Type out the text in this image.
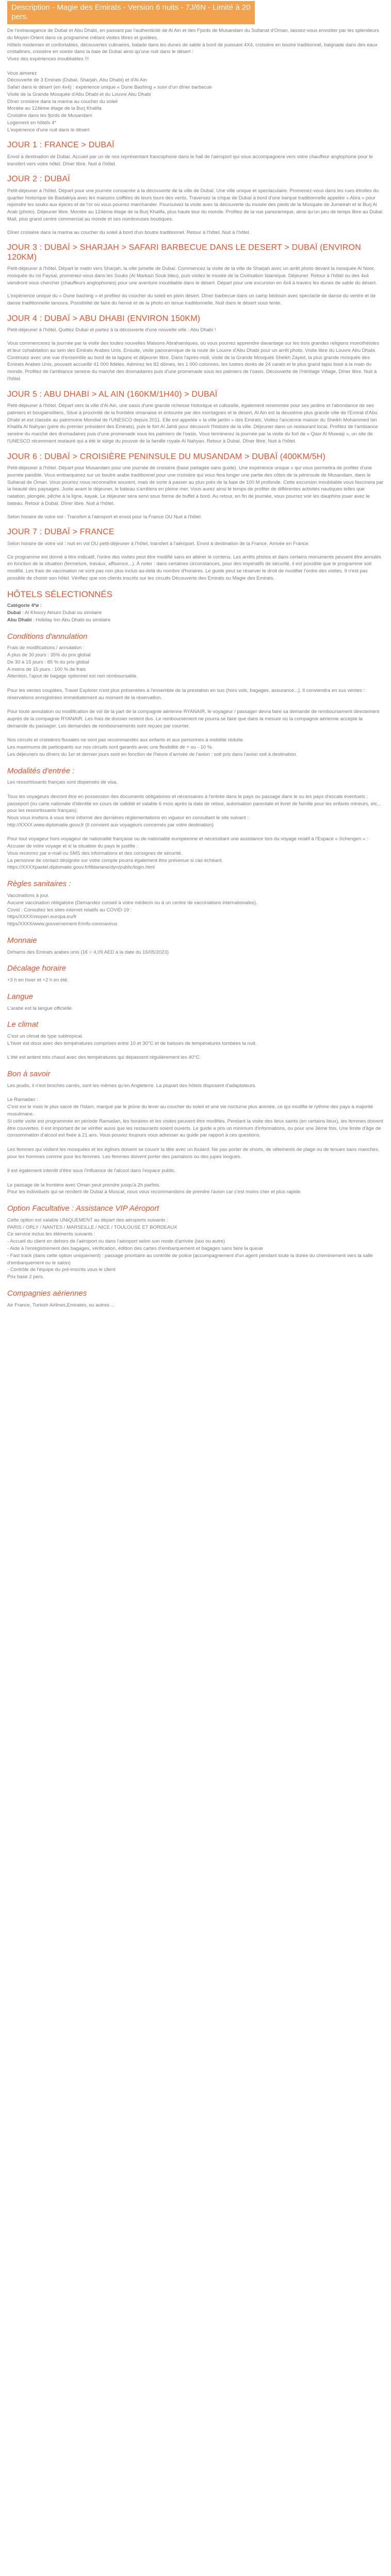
Description - Magie des Emirats - Version 6 nuits - 7J/6N - Limité à 20 pers.

De l'extravagance de Dubaï et Abu Dhabi, en passant par l'authenticité de Al Ain et des Fjords de Musandam du Sultanat d'Oman, laissez-vous envoûter par les splendeurs du Moyen-Orient dans ce programme mêlant visites libres et guidées.

Hôtels modernes et confortables, découvertes culinaires, balade dans les dunes de sable à bord de puissant 4X4, croisière en boutre traditionnel, baignade dans des eaux cristallines, croisière en soirée dans la baie de Dubaï ainsi qu'une nuit dans le désert :

Vivez des expériences inoubliables !!!

Vous aimerez

Découverte de 3 Emirats (Dubaï, Sharjah, Abu Dhabi) et d'Al Ain

Safari dans le désert (en 4x4) : expérience unique « Dune Bashing » suivi d'un dîner barbecue

Visite de la Grande Mosquée d'Abu Dhabi et du Louvre Abu Dhabi

Dîner croisière dans la marina au coucher du soleil

Montée au 124ème étage de la Burj Khalifa

Croisière dans les fjords de Musandam

Logement en hôtels 4*

L'expérience d'une nuit dans le désert

JOUR 1 : FRANCE > DUBAÏ

Envol à destination de Dubaï. Accueil par un de nos représentant francophone dans le hall de l'aéroport qui vous accompagnera vers votre chauffeur anglophone pour le transfert vers votre hôtel. Dîner libre. Nuit à l'hôtel.

JOUR 2 : DUBAÏ

Petit-déjeuner à l'hôtel. Départ pour une journée consacrée à la découverte de la ville de Dubaï. Une ville unique et spectaculaire. Promenez-vous dans les rues étroites du quartier historique de Bastakiya avec les maisons coiffées de leurs tours des vents. Traversez la crique de Dubaï à bord d'une barque traditionnelle appelée « Abra » pour rejoindre les souks aux épices et de l'or où vous pourrez marchander. Poursuivez la visite avec la découverte du musée des pieds de la Mosquée de Jumeirah et le Burj Al Arab (photo). Déjeuner libre. Montée au 124ème étage de la Burj Khalifa, plus haute tour du monde. Profitez de la vue panoramique, ainsi qu'un peu de temps libre au Dubaï Mall, plus grand centre commercial au monde et ses nombreuses boutiques.

Dîner croisière dans la marina au coucher du soleil à bord d'un boutre traditionnel. Retour à l'hôtel. Nuit à l'hôtel.

JOUR 3 : DUBAÏ > SHARJAH > SAFARI BARBECUE DANS LE DESERT > DUBAÏ (ENVIRON 120KM)

Petit-déjeuner à l'hôtel. Départ le matin vers Sharjah, la ville jumelle de Dubaï. Commencez la visite de la ville de Sharjah avec un arrêt photo devant la mosquée Al Noor, mosquée du roi Faysal, promenez-vous dans les Souks (Al Markazi Souk bleu), puis visitez le musée de la Civilisation Islamique. Déjeuner. Retour à l'hôtel ou des 4x4 viendront vous chercher (chauffeurs anglophones) pour une aventure inoubliable dans le désert. Départ pour une excursion en 4x4 à travers les dunes de sable du désert.

L'expérience unique du « Dune bashing » et profitez du coucher du soleil en plein désert. Dîner barbecue dans un camp bédouin avec spectacle de danse du ventre et de danse traditionnelle tanoura. Possibilité de faire du henné et de la photo en tenue traditionnelle. Nuit dans le désert sous tente.

JOUR 4 : DUBAÏ > ABU DHABI (ENVIRON 150KM)

Petit-déjeuner à l'hôtel. Quittez Dubaï et partez à la découverte d'une nouvelle ville : Abu Dhabi !

Vous commencerez la journée par la visite des toutes nouvelles Maisons Abrahamiques, où vous pourrez apprendre davantage sur les trois grandes religions monothéistes et leur cohabitation au sein des Emirats Arabes Unis. Ensuite, visite panoramique de la route de Louvre d'Abu Dhabi pour un arrêt photo. Visite libre du Louvre Abu Dhabi. Continuez avec une vue d'ensemble au bord de la lagune et déjeuner libre. Dans l'après-midi, visite de la Grande Mosquée Sheikh Zayed, la plus grande mosquée des Emirats Arabes Unis, pouvant accueillir 41 000 fidèles. Admirez les 82 dômes, les 1 000 colonnes, les lustres dorés de 24 carats et le plus grand tapis tissé à la main du monde. Profitez de l'ambiance sereine du marché des dromadaires puis d'une promenade sous les palmiers de l'oasis. Découverte de l'Héritage Village. Dîner libre. Nuit à l'hôtel.

JOUR 5 : ABU DHABI > AL AIN (160KM/1H40) > DUBAÏ

Petit-déjeuner à l'hôtel. Départ vers la ville d'Al Ain, une oasis d'une grande richesse historique et culturelle, également renommée pour ses jardins et l'abondance de ses palmiers et bougainvilliers. Situé à proximité de la frontière omanaise et entourée par des montagnes et le désert, Al Ain est la deuxième plus grande ville de l'Emirat d'Abu Dhabi et est classée au patrimoine Mondial de l'UNESCO depuis 2011. Elle est appelée « la ville jardin » des Emirats. Visitez l'ancienne maison du Sheikh Mohammed bin Khalifa Al Nahyan (père du premier président des Emirats), puis le fort Al Jahili pour découvrir l'histoire de la ville. Déjeuner dans un restaurant local. Profitez de l'ambiance sereine du marché des dromadaires puis d'une promenade sous les palmiers de l'oasis. Vous terminerez la journée par la visite du fort de « Qasr Al Muwaiji », un site de l'UNESCO récemment restauré qui a été le siège du pouvoir de la famille royale Al Nahyan. Retour à Dubaï. Dîner libre. Nuit à l'hôtel.

JOUR 6 : DUBAÏ > CROISIÈRE PENINSULE DU MUSANDAM > DUBAÏ (400KM/5H)

Petit-déjeuner à l'hôtel. Départ pour Musandam pour une journée de croisière (base partagée sans guide). Une expérience unique « qui vous permettra de profiter d'une journée paisible. Vous embarquerez sur un boutre arabe traditionnel pour une croisière qui vous fera longer une partie des côtes de la péninsule de Musandam, dans le Sultanat de Oman. Vous pourrez nous reconnaître souvent, mais de sorte à passer au plus près de la baie de 100 M profonde. Cette excursion inoubliable vous fascinera par la beauté des paysages. Juste avant le déjeuner, le bateau s'arrêtera en pleine mer. Vous aurez ainsi le temps de profiter de différentes activités nautiques telles que natation, plongée, pêche à la ligne, kayak. Le déjeuner sera servi sous forme de buffet à bord. Au retour, en fin de journée, vous pourrez voir les dauphins jouer avec le bateau. Retour à Dubaï. Dîner libre. Nuit à l'hôtel.

Selon horaire de votre vol : Transfert à l'aéroport et envol pour la France OU Nuit à l'hôtel.

JOUR 7 : DUBAÏ > FRANCE

Selon horaire de votre vol : nuit en vol OU petit-déjeuner à l'hôtel, transfert à l'aéroport. Envol à destination de la France. Arrivée en France.

Ce programme est donné à titre indicatif, l'ordre des visites peut être modifié sans en altérer le contenu. Les arrêts photos et dans certains monuments peuvent être annulés en fonction de la situation (fermeture, travaux, affluence...). À noter : dans certaines circonstances, pour des impératifs de sécurité, il est possible que le programme soit modifié. Les frais de vaccination ne sont pas non plus inclus au-delà du nombre d'horaires. Le guide peut se réserver le droit de modifier l'ordre des visites. Il n'est pas possible de choisir son hôtel. Vérifiez que vos clients inscrits sur les circuits Découverte des Emirats ou Magie des Emirats.

HÔTELS SÉLECTIONNÉS

Catégorie 4*ø :

Dubaï : Al Khoory Atrium Dubaï ou similaire

Abu Dhabi : Holiday Inn Abu Dhabi ou similaire

Conditions d'annulation

Frais de modifications / annulation :

A plus de 30 jours : 35% du prix global

De 30 à 15 jours : 85 % du prix global

A moins de 15 jours : 100 % de frais

Attention, l'ajout de bagage optionnel est non remboursable.

Pour les ventes couplées, Travel Explorer n'est plus présentées à l'ensemble de la prestation en sus (hors vols, bagages, assurance...). Il conviendra en sus ventes : réservations enregistrées immédiatement au moment de la réservation.

Pour toute annulation ou modification de vol de la part de la compagnie aérienne RYANAIR, le voyageur / passager devra faire sa demande de remboursement directement auprès de la compagnie RYANAIR. Les frais de dossier restent dus. Le remboursement ne pourra se faire que dans la mesure où la compagnie aérienne accepte la demande du passager. Les demandes de remboursements sont reçues par courrier.

Nos circuits et croisières fluviales ne sont pas recommandés aux enfants et aux personnes à mobilité réduite.

Les maximums de participants sur nos circuits sont garantis avec une flexibilité de + ou - 10 %.

Les déjeuners ou dîners du 1er et dernier jours sont en fonction de l'heure d'arrivée de l'avion : soit pris dans l'avion soit à destination.

Modalités d'entrée :

Les ressortissants français sont dispensés de visa.

Tous les voyageurs devront être en possession des documents obligatoires et nécessaires à l'entrée dans le pays ou passage dans le ou les pays d'escale éventuels : passeport (ou carte nationale d'identité en cours de validité et valable 6 mois après la date de retour, autorisation parentale et livret de famille pour les enfants mineurs, etc... pour les ressortissants français).

Nous vous invitons à vous tenir informé des dernières réglementations en vigueur en consultant le site suivant :

http://XXXX.www.diplomatie.gouv.fr (Il convient aux voyageurs concernés par votre destination)

Pour tout voyageur hors voyageur de nationalité française ou de nationalité européenne et nécessitant une assistance lors du voyage relatif à l'Espace « Schengen » :

Accuser de votre voyage et si la situation du pays le justifie :

Vous recevrez par e-mail ou SMS des informations et des consignes de sécurité.

La personne de contact désignée sur votre compte pourra également être prévenue si cas échéant.

https://XXXXpastel.diplomatie.gouv.fr/fildariane/dyn/public/login.html

Règles sanitaires :

Vaccinations à jour.

Aucune vaccination obligatoire (Demandez conseil à votre médecin ou à un centre de vaccinations internationales).

Covid : Consultez les sites internet relatifs au COVID-19 :

https/XXXX/reopen.europa.eu/fr

https/XXXX/www.gouvernement.fr/info-coronavirus

Monnaie

Dirhams des Emirats arabes unis (1€ = 4,09 AED à la date du 16/05/2023)

Décalage horaire

+3 h en hiver et +2 h en été.

Langue

L'arabe est la langue officielle.

Le climat

C'est un climat de type subtropical.

L'hiver est doux avec des températures comprises entre 10 et 30°C et de baisses de températures tombées la nuit.

L'été est ardent très chaud avec des températures qui dépassent régulièrement les 40°C.

Bon à savoir

Les jeudis, il n'est brochés carrés, sont les mêmes qu'en Angleterre. La plupart des hôtels disposent d'adaptateurs.

Le Ramadan :

C'est est le mois le plus sacré de l'Islam, marqué par le jeûne du lever au coucher du soleil et une vie nocturne plus animée, ce qui modifie le rythme des pays à majorité musulmane.

Si cette visite est programmée en période Ramadan, les horaires et les visites peuvent être modifiés. Pendant la visite des lieux saints (en certains lieux), les femmes doivent être couvertes. Il est important de se vérifier aussi que les restaurants soient ouverts. Le guide a pris un minimum d'informations, ou pour une 3ème fois. Une limite d'âge de consommation d'alcool est fixée à 21 ans. Vous pouvez toujours vous adresser au guide par rapport à ces questions.

Les femmes qui visitent les mosquées et les églises doivent se couvrir la tête avec un foulard. Ne pas porter de shorts, de vêtements de plage ou de tenues sans manches, pour les hommes comme pour les femmes. Les femmes doivent porter des pantalons ou des jupes longues.

Il est également interdit d'être sous l'influence de l'alcool dans l'espace public.

Le passage de la frontière avec Oman peut prendre jusqu'à 2h parfois.

Pour les individuels qui se rendent de Dubaï à Muscat, nous vous recommandons de prendre l'avion car c'est moins cher et plus rapide.

Option Facultative : Assistance VIP Aéroport

Cette option est valable UNIQUEMENT au départ des aéroports suivants :

PARIS / ORLY / NANTES / MARSEILLE / NICE / TOULOUSE ET BORDEAUX

Ce service inclus les éléments suivants :

- Accueil du client en dehors de l'aéroport ou dans l'aéroport selon son mode d'arrivée (taxi ou autre)

- Aide à l'enregistrement des bagages, vérification, édition des cartes d'embarquement et bagages sans faire la queue

- Fast track (dans cette option uniquement) : passage prioritaire au contrôle de police (accompagnement d'un agent pendant toute la durée du cheminement vers la salle d'embarquement ou le salon)

- Contrôle de l'équipe du pré-inscrits vous le client

Prix base 2 pers.

Compagnies aériennes

Air France, Turkish Airlines,Emirates, ou autres ...
